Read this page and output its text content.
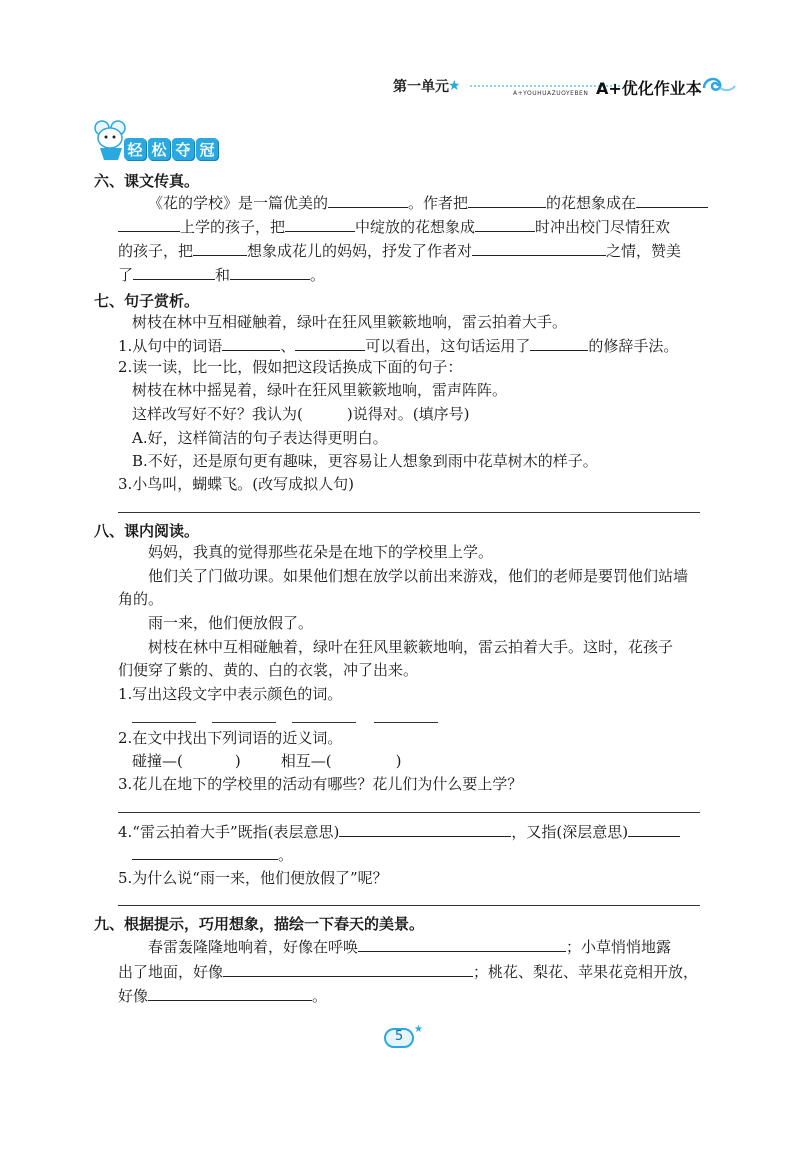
第一单元 ★	A+YOUHUAZUOYEBEN A+优化作业本
轻 松 夺 冠
六、课文传真。
《花的学校》是一篇优美的	。作者把	的花想象成在
上学的孩子，把	中绽放的花想象成	时冲出校门尽情狂欢
的孩子，把	想象成花儿的妈妈，抒发了作者对	之情，赞美
了	和	。
七、句子赏析。
树枝在林中互相碰触着，绿叶在狂风里簌簌地响，雷云拍着大手。
1.从句中的词语	、	可以看出，这句话运用了	的修辞手法。
2.读一读，比一比，假如把这段话换成下面的句子：
树枝在林中摇晃着，绿叶在狂风里簌簌地响，雷声阵阵。
这样改写好不好？我认为(	)说得对。(填序号)
A.好，这样简洁的句子表达得更明白。
B.不好，还是原句更有趣味，更容易让人想象到雨中花草树木的样子。
3.小鸟叫，蝴蝶飞。(改写成拟人句)
八、课内阅读。
妈妈，我真的觉得那些花朵是在地下的学校里上学。
他们关了门做功课。如果他们想在放学以前出来游戏，他们的老师是要罚他们站墙
角的。
雨一来，他们便放假了。
树枝在林中互相碰触着，绿叶在狂风里簌簌地响，雷云拍着大手。这时，花孩子
们便穿了紫的、黄的、白的衣裳，冲了出来。
1.写出这段文字中表示颜色的词。
2.在文中找出下列词语的近义词。
碰撞—(	)	相互—(	)
3.花儿在地下的学校里的活动有哪些？花儿们为什么要上学？
4.“雷云拍着大手”既指(表层意思)	，又指(深层意思)
。
5.为什么说“雨一来，他们便放假了”呢？
九、根据提示，巧用想象，描绘一下春天的美景。
春雷轰隆隆地响着，好像在呼唤	；小草悄悄地露
出了地面，好像	；桃花、梨花、苹果花竞相开放，
好像	。
5	★
